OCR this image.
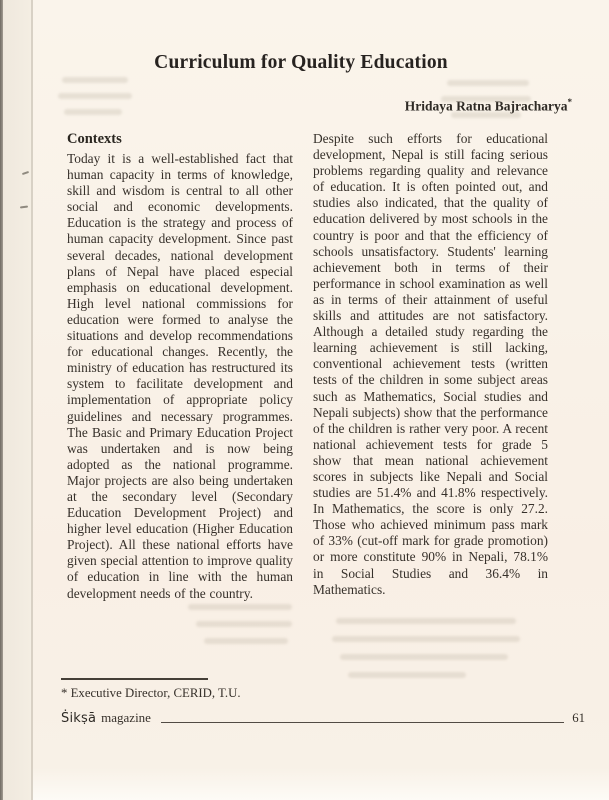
Curriculum for Quality Education
Hridaya Ratna Bajracharya*
Contexts

Today it is a well-established fact that human capacity in terms of knowledge, skill and wisdom is central to all other social and economic developments. Education is the strategy and process of human capacity development. Since past several decades, national development plans of Nepal have placed especial emphasis on educational development. High level national commissions for education were formed to analyse the situations and develop recommendations for educational changes. Recently, the ministry of education has restructured its system to facilitate development and implementation of appropriate policy guidelines and necessary programmes. The Basic and Primary Education Project was undertaken and is now being adopted as the national programme. Major projects are also being undertaken at the secondary level (Secondary Education Development Project) and higher level education (Higher Education Project). All these national efforts have given special attention to improve quality of education in line with the human development needs of the country.

Despite such efforts for educational development, Nepal is still facing serious problems regarding quality and relevance of education. It is often pointed out, and studies also indicated, that the quality of education delivered by most schools in the country is poor and that the efficiency of schools unsatisfactory. Students' learning achievement both in terms of their performance in school examination as well as in terms of their attainment of useful skills and attitudes are not satisfactory. Although a detailed study regarding the learning achievement is still lacking, conventional achievement tests (written tests of the children in some subject areas such as Mathematics, Social studies and Nepali subjects) show that the performance of the children is rather very poor. A recent national achievement tests for grade 5 show that mean national achievement scores in subjects like Nepali and Social studies are 51.4% and 41.8% respectively. In Mathematics, the score is only 27.2. Those who achieved minimum pass mark of 33% (cut-off mark for grade promotion) or more constitute 90% in Nepali, 78.1% in Social Studies and 36.4% in Mathematics.

* Executive Director, CERID, T.U.

Ṡikṣā magazine	61
